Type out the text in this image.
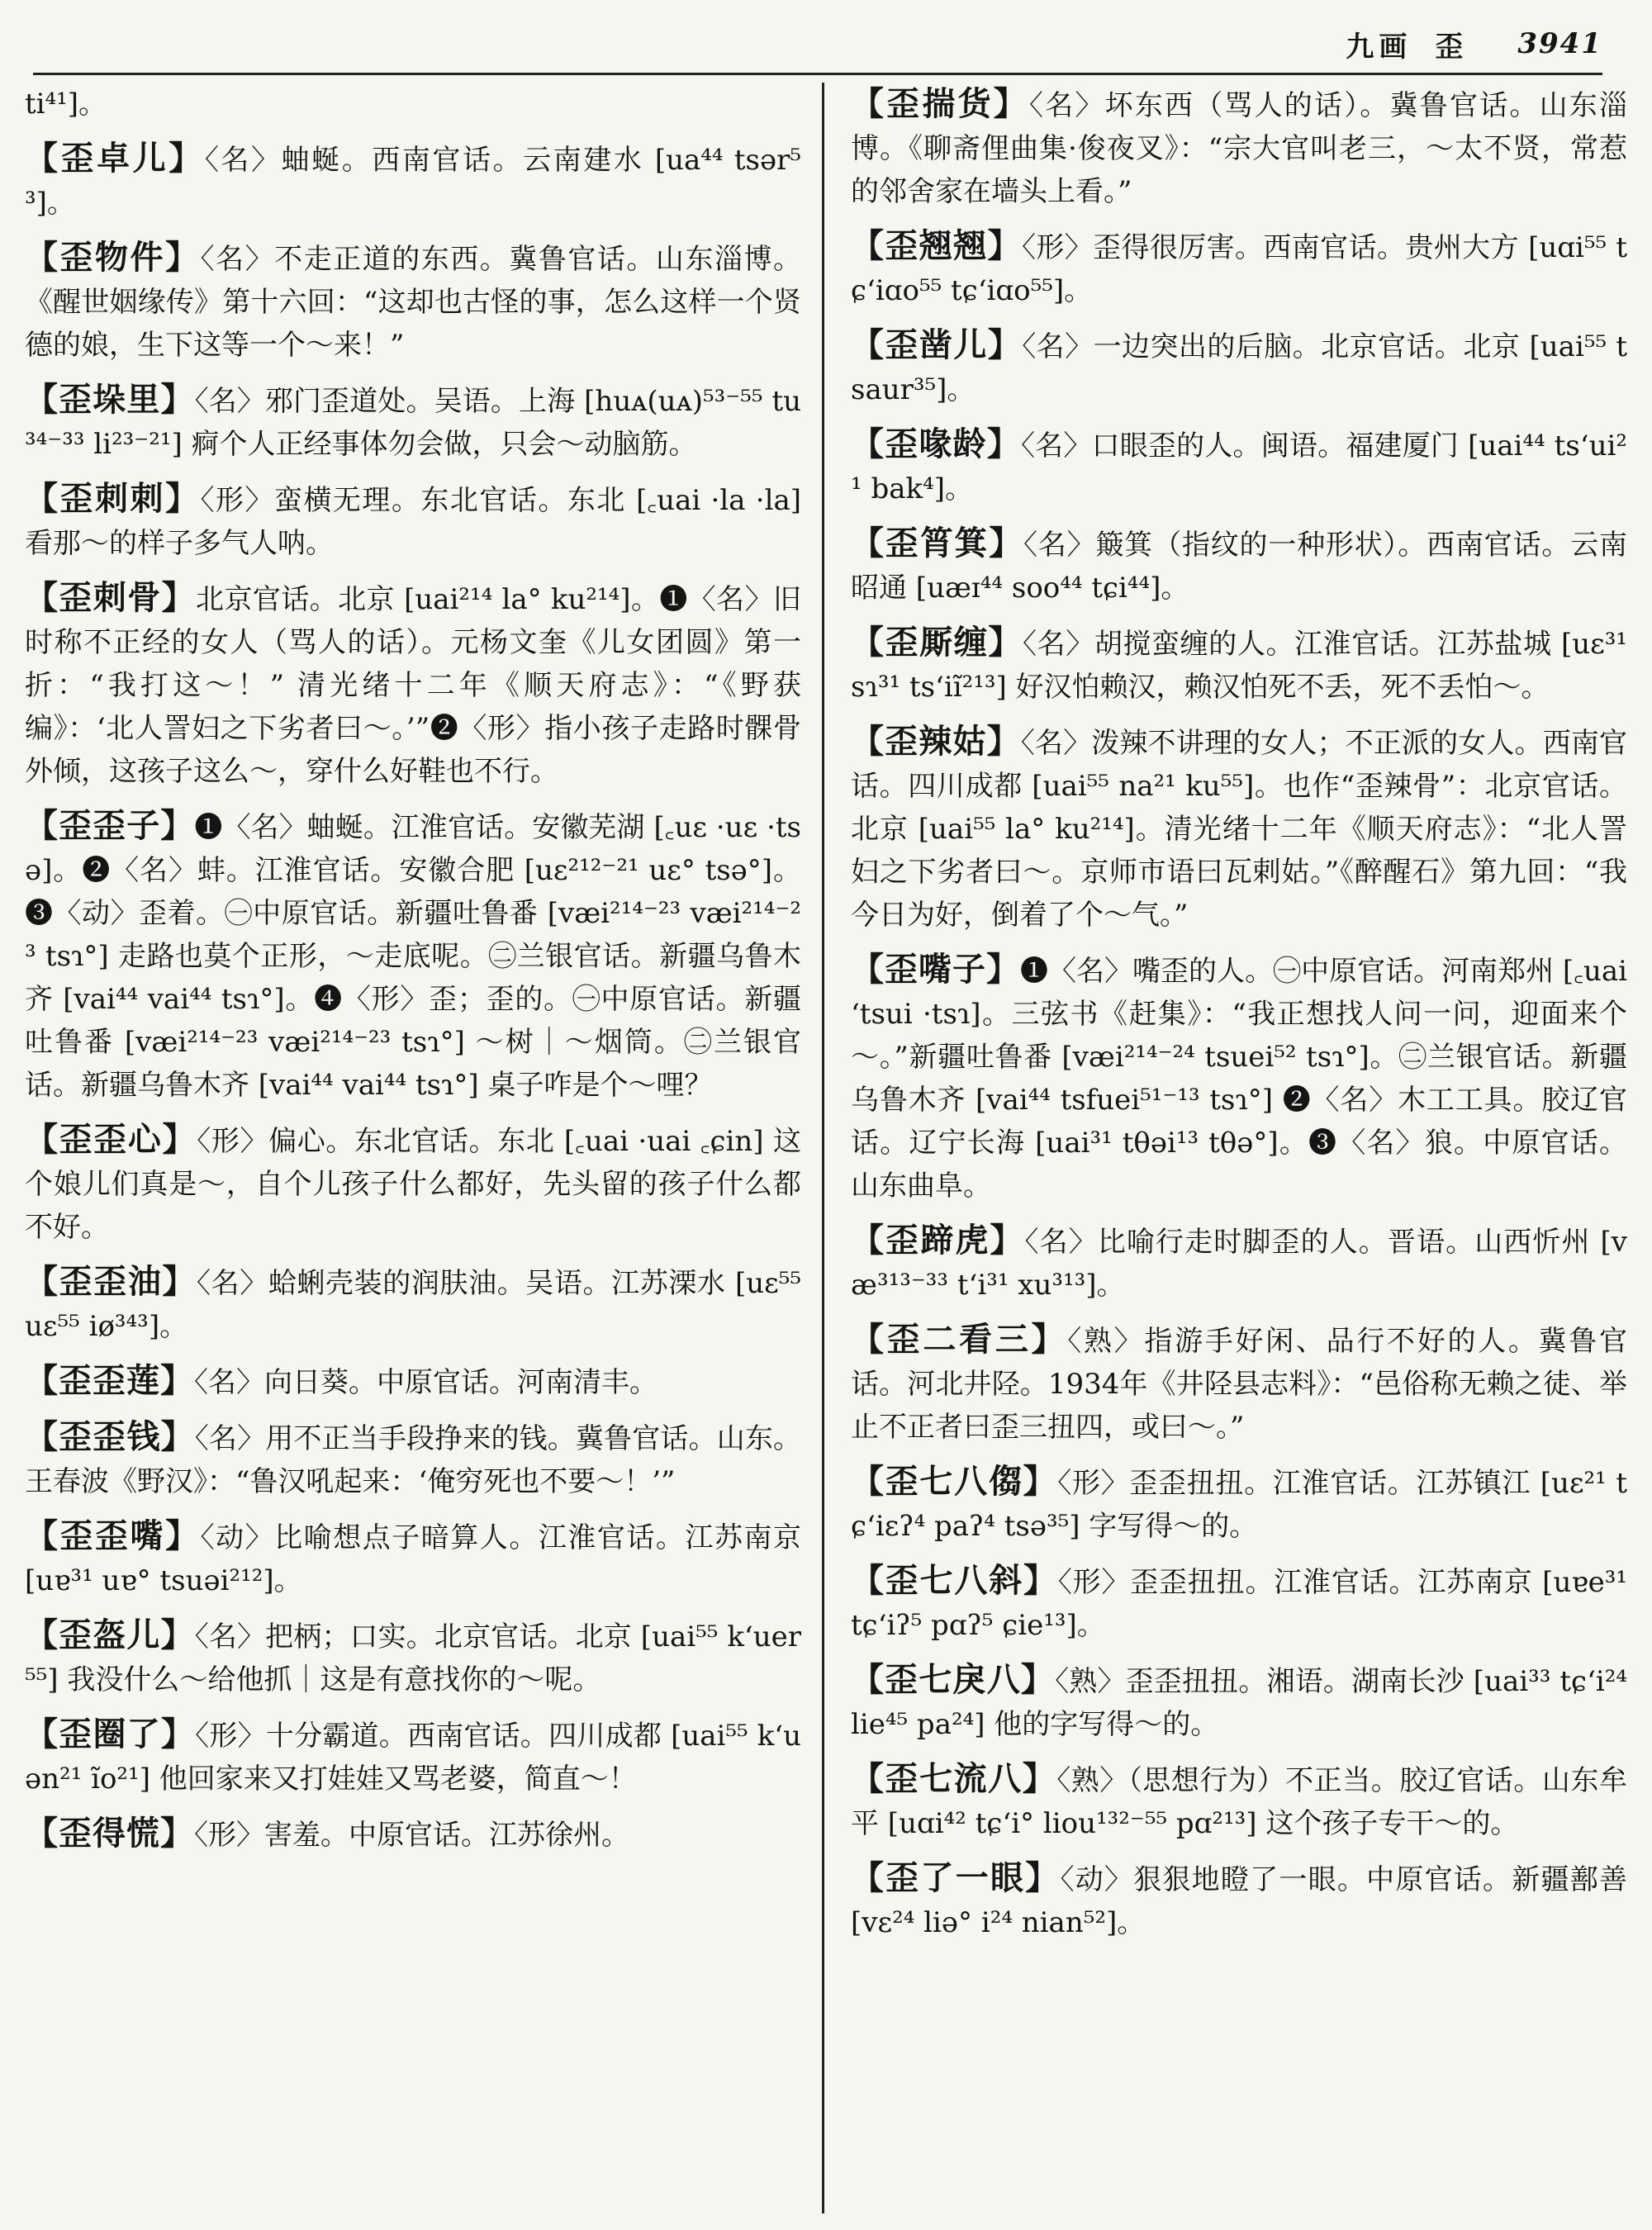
九画 歪 3941

ti⁴¹]。

【歪卓儿】〈名〉蚰蜒。西南官话。云南建水 [ua⁴⁴ tsər⁵³]。

【歪物件】〈名〉不走正道的东西。冀鲁官话。山东淄博。《醒世姻缘传》第十六回：“这却也古怪的事，怎么这样一个贤德的娘，生下这等一个～来！”

【歪垛里】〈名〉邪门歪道处。吴语。上海 [huᴀ(uᴀ)⁵³⁻⁵⁵ tu³⁴⁻³³ li²³⁻²¹] 痾个人正经事体勿会做，只会～动脑筋。

【歪刺刺】〈形〉蛮横无理。东北官话。东北 [꜀uai ·la ·la] 看那～的样子多气人呐。

【歪刺骨】北京官话。北京 [uai²¹⁴ la° ku²¹⁴]。❶〈名〉旧时称不正经的女人（骂人的话）。元杨文奎《儿女团圆》第一折：“我打这～！” 清光绪十二年《顺天府志》：“《野获编》：‘北人詈妇之下劣者曰～。’”❷〈形〉指小孩子走路时髁骨外倾，这孩子这么～，穿什么好鞋也不行。

【歪歪子】❶〈名〉蚰蜒。江淮官话。安徽芜湖 [꜀uɛ ·uɛ ·tsə]。❷〈名〉蚌。江淮官话。安徽合肥 [uɛ²¹²⁻²¹ uɛ° tsə°]。❸〈动〉歪着。㊀中原官话。新疆吐鲁番 [væi²¹⁴⁻²³ væi²¹⁴⁻²³ tsɿ°] 走路也莫个正形，～走底呢。㊁兰银官话。新疆乌鲁木齐 [vai⁴⁴ vai⁴⁴ tsɿ°]。❹〈形〉歪；歪的。㊀中原官话。新疆吐鲁番 [væi²¹⁴⁻²³ væi²¹⁴⁻²³ tsɿ°] ～树｜～烟筒。㊁兰银官话。新疆乌鲁木齐 [vai⁴⁴ vai⁴⁴ tsɿ°] 桌子咋是个～哩？

【歪歪心】〈形〉偏心。东北官话。东北 [꜀uai ·uai ꜀ɕin] 这个娘儿们真是～，自个儿孩子什么都好，先头留的孩子什么都不好。

【歪歪油】〈名〉蛤蜊壳装的润肤油。吴语。江苏溧水 [uɛ⁵⁵ uɛ⁵⁵ iø³⁴³]。

【歪歪莲】〈名〉向日葵。中原官话。河南清丰。

【歪歪钱】〈名〉用不正当手段挣来的钱。冀鲁官话。山东。王春波《野汉》：“鲁汉吼起来：‘俺穷死也不要～！’”

【歪歪嘴】〈动〉比喻想点子暗算人。江淮官话。江苏南京 [uɐ³¹ uɐ° tsuəi²¹²]。

【歪盔儿】〈名〉把柄；口实。北京官话。北京 [uai⁵⁵ k‘uer⁵⁵] 我没什么～给他抓｜这是有意找你的～呢。

【歪圈了】〈形〉十分霸道。西南官话。四川成都 [uai⁵⁵ k‘uən²¹ ĩo²¹] 他回家来又打娃娃又骂老婆，简直～！

【歪得慌】〈形〉害羞。中原官话。江苏徐州。

【歪揣货】〈名〉坏东西（骂人的话）。冀鲁官话。山东淄博。《聊斋俚曲集·俊夜叉》：“宗大官叫老三，～太不贤，常惹的邻舍家在墙头上看。”

【歪翘翘】〈形〉歪得很厉害。西南官话。贵州大方 [uɑi⁵⁵ tɕ‘iɑo⁵⁵ tɕ‘iɑo⁵⁵]。

【歪凿儿】〈名〉一边突出的后脑。北京官话。北京 [uai⁵⁵ tsaur³⁵]。

【歪喙龄】〈名〉口眼歪的人。闽语。福建厦门 [uai⁴⁴ ts‘ui²¹ bak⁴]。

【歪筲箕】〈名〉簸箕（指纹的一种形状）。西南官话。云南昭通 [uæɪ⁴⁴ soo⁴⁴ tɕi⁴⁴]。

【歪厮缠】〈名〉胡搅蛮缠的人。江淮官话。江苏盐城 [uɛ³¹ sɿ³¹ ts‘iĩ²¹³] 好汉怕赖汉，赖汉怕死不丢，死不丢怕～。

【歪辣姑】〈名〉泼辣不讲理的女人；不正派的女人。西南官话。四川成都 [uai⁵⁵ na²¹ ku⁵⁵]。也作“歪辣骨”：北京官话。北京 [uai⁵⁵ la° ku²¹⁴]。清光绪十二年《顺天府志》：“北人詈妇之下劣者曰～。京师市语曰瓦剌姑。”《醉醒石》第九回：“我今日为好，倒着了个～气。”

【歪嘴子】❶〈名〉嘴歪的人。㊀中原官话。河南郑州 [꜀uai ‘tsui ·tsɿ]。三弦书《赶集》：“我正想找人问一问，迎面来个～。”新疆吐鲁番 [væi²¹⁴⁻²⁴ tsuei⁵² tsɿ°]。㊁兰银官话。新疆乌鲁木齐 [vai⁴⁴ tsfuei⁵¹⁻¹³ tsɿ°] ❷〈名〉木工工具。胶辽官话。辽宁长海 [uai³¹ tθəi¹³ tθə°]。❸〈名〉狼。中原官话。山东曲阜。

【歪蹄虎】〈名〉比喻行走时脚歪的人。晋语。山西忻州 [væ³¹³⁻³³ t‘i³¹ xu³¹³]。

【歪二看三】〈熟〉指游手好闲、品行不好的人。冀鲁官话。河北井陉。1934年《井陉县志料》：“邑俗称无赖之徒、举止不正者曰歪三扭四，或曰～。”

【歪七八㑳】〈形〉歪歪扭扭。江淮官话。江苏镇江 [uɛ²¹ tɕ‘iɛʔ⁴ paʔ⁴ tsə³⁵] 字写得～的。

【歪七八斜】〈形〉歪歪扭扭。江淮官话。江苏南京 [uɐe³¹ tɕ‘iʔ⁵ pɑʔ⁵ ɕie¹³]。

【歪七戾八】〈熟〉歪歪扭扭。湘语。湖南长沙 [uai³³ tɕ‘i²⁴ lie⁴⁵ pa²⁴] 他的字写得～的。

【歪七流八】〈熟〉（思想行为）不正当。胶辽官话。山东牟平 [uɑi⁴² tɕ‘i° liou¹³²⁻⁵⁵ pɑ²¹³] 这个孩子专干～的。

【歪了一眼】〈动〉狠狠地瞪了一眼。中原官话。新疆鄯善 [vɛ²⁴ liə° i²⁴ nian⁵²]。
